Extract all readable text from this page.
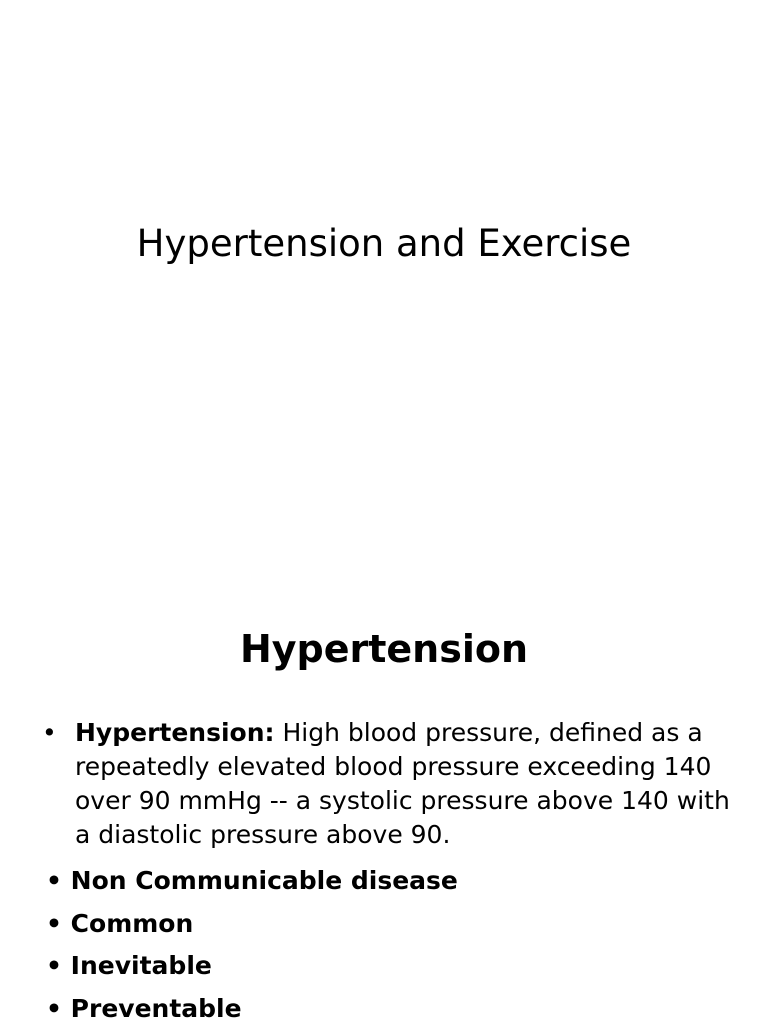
Hypertension and Exercise
Hypertension
• Hypertension: High blood pressure, defined as a repeatedly elevated blood pressure exceeding 140 over 90 mmHg -- a systolic pressure above 140 with a diastolic pressure above 90.
• Non Communicable disease
• Common
• Inevitable
• Preventable
